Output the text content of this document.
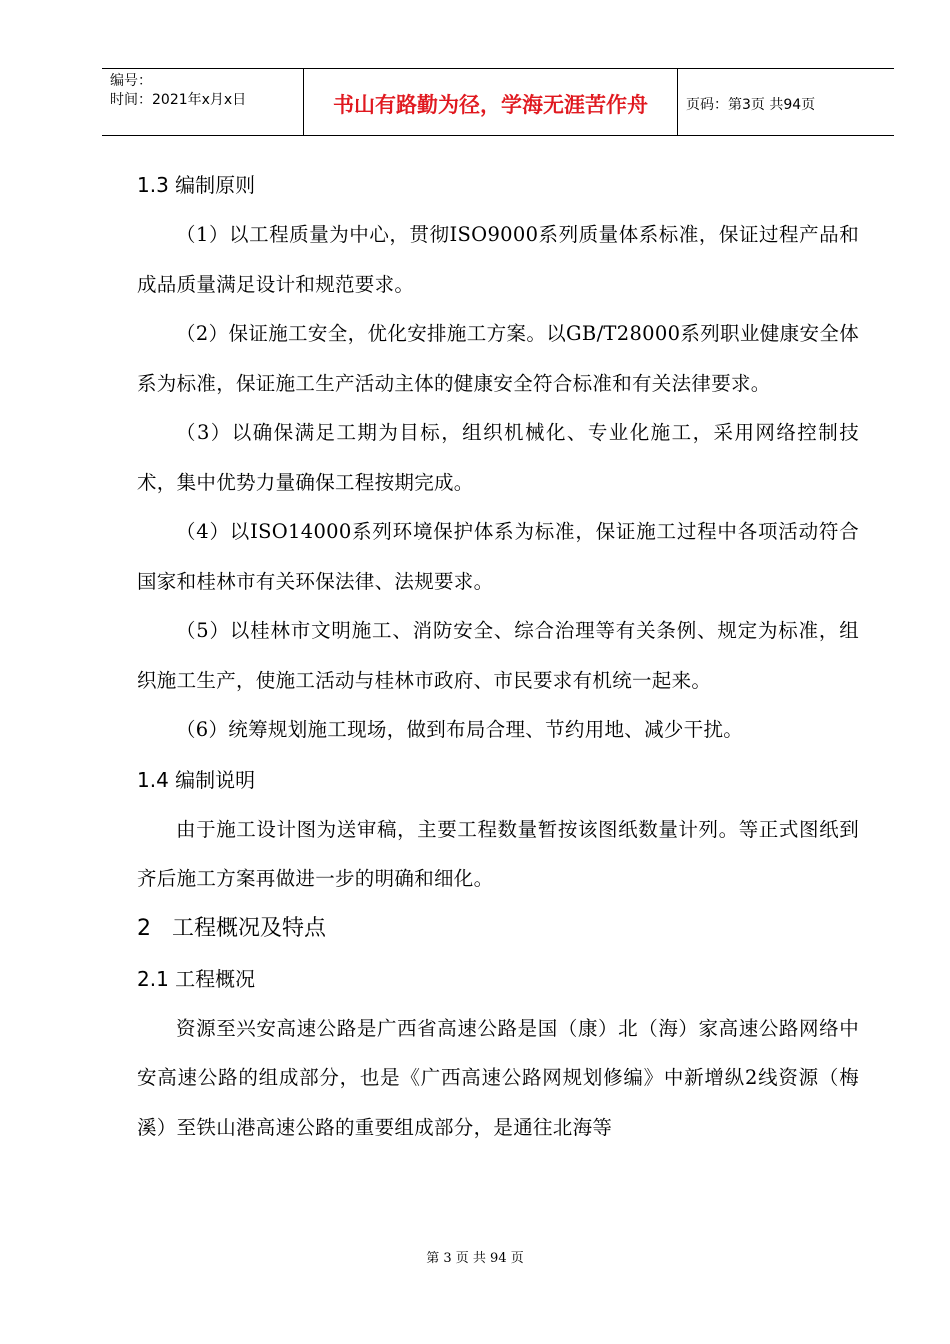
编号：
时间：2021年x月x日	书山有路勤为径，学海无涯苦作舟	页码：第3页 共94页
1.3 编制原则

（1）以工程质量为中心，贯彻ISO9000系列质量体系标准，保证过程产品和成品质量满足设计和规范要求。

（2）保证施工安全，优化安排施工方案。以GB/T28000系列职业健康安全体系为标准，保证施工生产活动主体的健康安全符合标准和有关法律要求。

（3）以确保满足工期为目标，组织机械化、专业化施工，采用网络控制技术，集中优势力量确保工程按期完成。

（4）以ISO14000系列环境保护体系为标准，保证施工过程中各项活动符合国家和桂林市有关环保法律、法规要求。

（5）以桂林市文明施工、消防安全、综合治理等有关条例、规定为标准，组织施工生产，使施工活动与桂林市政府、市民要求有机统一起来。

（6）统筹规划施工现场，做到布局合理、节约用地、减少干扰。

1.4 编制说明

由于施工设计图为送审稿，主要工程数量暂按该图纸数量计列。等正式图纸到齐后施工方案再做进一步的明确和细化。

2   工程概况及特点
2.1 工程概况

资源至兴安高速公路是广西省高速公路是国（康）北（海）家高速公路网络中安高速公路的组成部分，也是《广西高速公路网规划修编》中新增纵2线资源（梅溪）至铁山港高速公路的重要组成部分，是通往北海等

第 3 页 共 94 页
